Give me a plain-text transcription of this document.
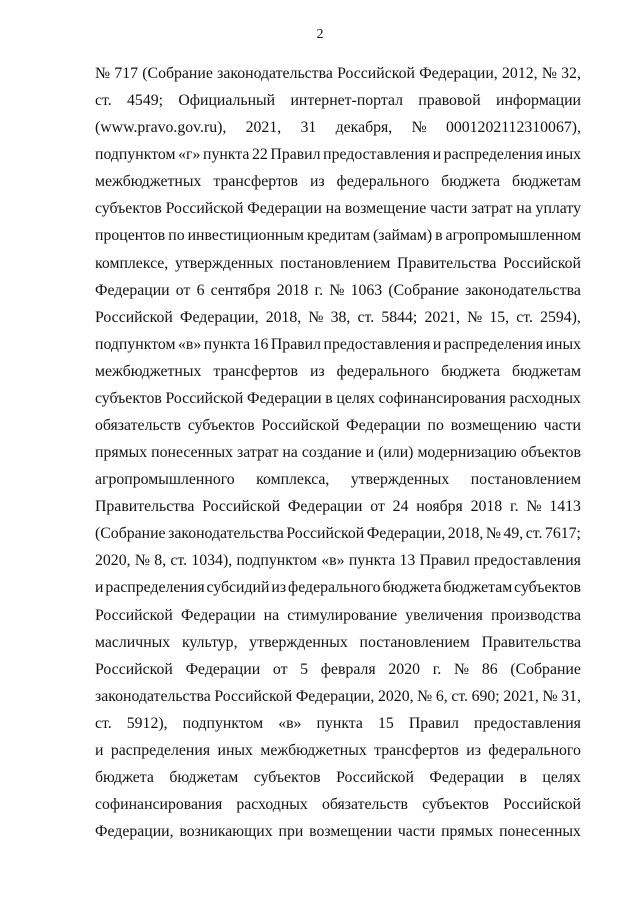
2
№ 717 (Собрание законодательства Российской Федерации, 2012, № 32,
ст. 4549; Официальный интернет-портал правовой информации
(www.pravo.gov.ru), 2021, 31 декабря, № 0001202112310067),
подпунктом «г» пункта 22 Правил предоставления и распределения иных
межбюджетных трансфертов из федерального бюджета бюджетам
субъектов Российской Федерации на возмещение части затрат на уплату
процентов по инвестиционным кредитам (займам) в агропромышленном
комплексе, утвержденных постановлением Правительства Российской
Федерации от 6 сентября 2018 г. № 1063 (Собрание законодательства
Российской Федерации, 2018, № 38, ст. 5844; 2021, № 15, ст. 2594),
подпунктом «в» пункта 16 Правил предоставления и распределения иных
межбюджетных трансфертов из федерального бюджета бюджетам
субъектов Российской Федерации в целях софинансирования расходных
обязательств субъектов Российской Федерации по возмещению части
прямых понесенных затрат на создание и (или) модернизацию объектов
агропромышленного комплекса, утвержденных постановлением
Правительства Российской Федерации от 24 ноября 2018 г. № 1413
(Собрание законодательства Российской Федерации, 2018, № 49, ст. 7617;
2020, № 8, ст. 1034), подпунктом «в» пункта 13 Правил предоставления
и распределения субсидий из федерального бюджета бюджетам субъектов
Российской Федерации на стимулирование увеличения производства
масличных культур, утвержденных постановлением Правительства
Российской Федерации от 5 февраля 2020 г. № 86 (Собрание
законодательства Российской Федерации, 2020, № 6, ст. 690; 2021, № 31,
ст. 5912), подпунктом «в» пункта 15 Правил предоставления
и распределения иных межбюджетных трансфертов из федерального
бюджета бюджетам субъектов Российской Федерации в целях
софинансирования расходных обязательств субъектов Российской
Федерации, возникающих при возмещении части прямых понесенных
